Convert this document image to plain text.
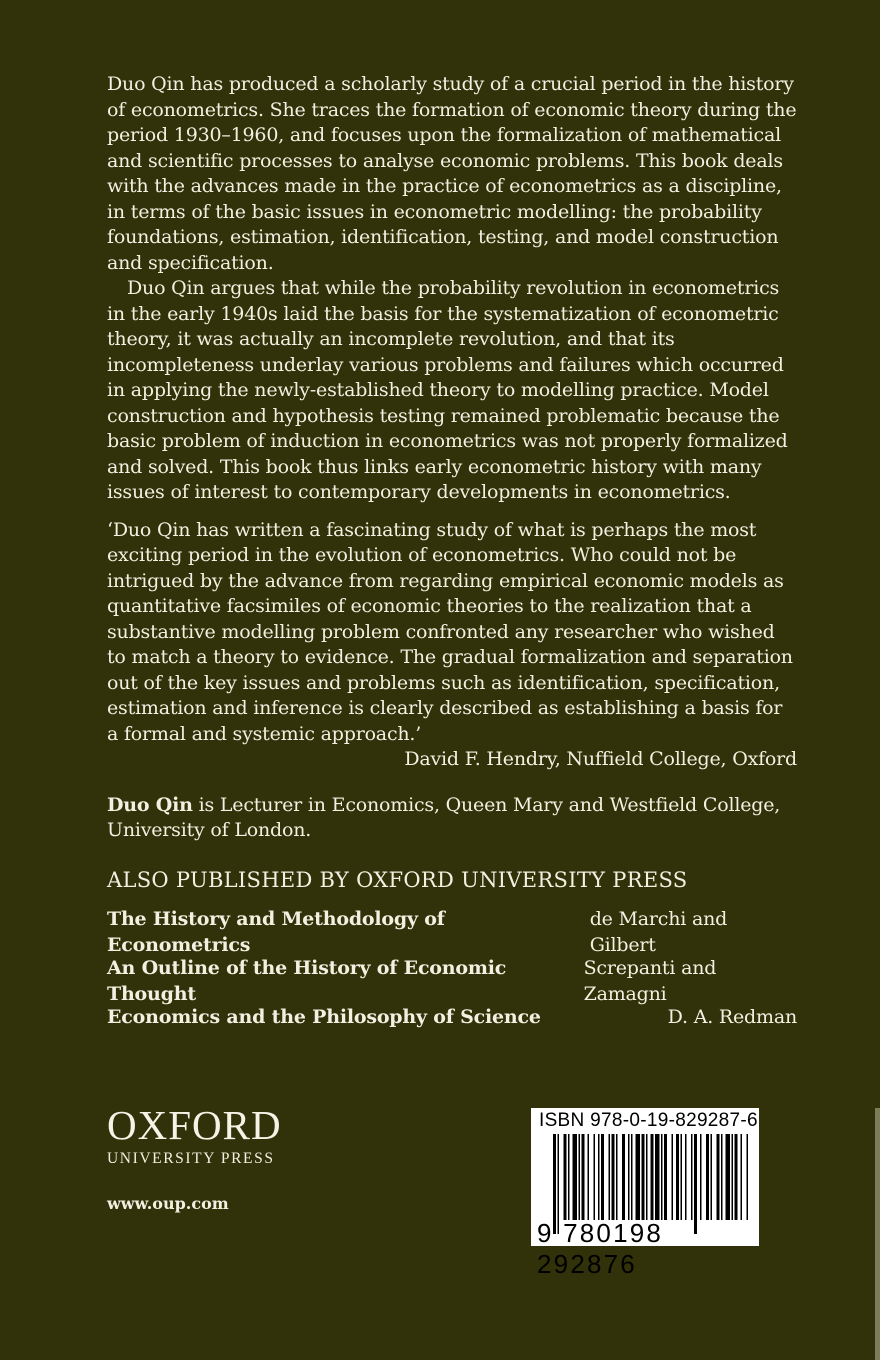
Duo Qin has produced a scholarly study of a crucial period in the history of econometrics. She traces the formation of economic theory during the period 1930–1960, and focuses upon the formalization of mathematical and scientific processes to analyse economic problems. This book deals with the advances made in the practice of econometrics as a discipline, in terms of the basic issues in econometric modelling: the probability foundations, estimation, identification, testing, and model construction and specification.

Duo Qin argues that while the probability revolution in econometrics in the early 1940s laid the basis for the systematization of econometric theory, it was actually an incomplete revolution, and that its incompleteness underlay various problems and failures which occurred in applying the newly-established theory to modelling practice. Model construction and hypothesis testing remained problematic because the basic problem of induction in econometrics was not properly formalized and solved. This book thus links early econometric history with many issues of interest to contemporary developments in econometrics.

‘Duo Qin has written a fascinating study of what is perhaps the most exciting period in the evolution of econometrics. Who could not be intrigued by the advance from regarding empirical economic models as quantitative facsimiles of economic theories to the realization that a substantive modelling problem confronted any researcher who wished to match a theory to evidence. The gradual formalization and separation out of the key issues and problems such as identification, specification, estimation and inference is clearly described as establishing a basis for a formal and systemic approach.’

David F. Hendry, Nuffield College, Oxford

Duo Qin is Lecturer in Economics, Queen Mary and Westfield College, University of London.

ALSO PUBLISHED BY OXFORD UNIVERSITY PRESS
The History and Methodology of Econometrics
de Marchi and Gilbert
An Outline of the History of Economic Thought
Screpanti and Zamagni
Economics and the Philosophy of Science	D. A. Redman
OXFORD
UNIVERSITY PRESS
www.oup.com
ISBN 978-0-19-829287-6
9 780198 292876
